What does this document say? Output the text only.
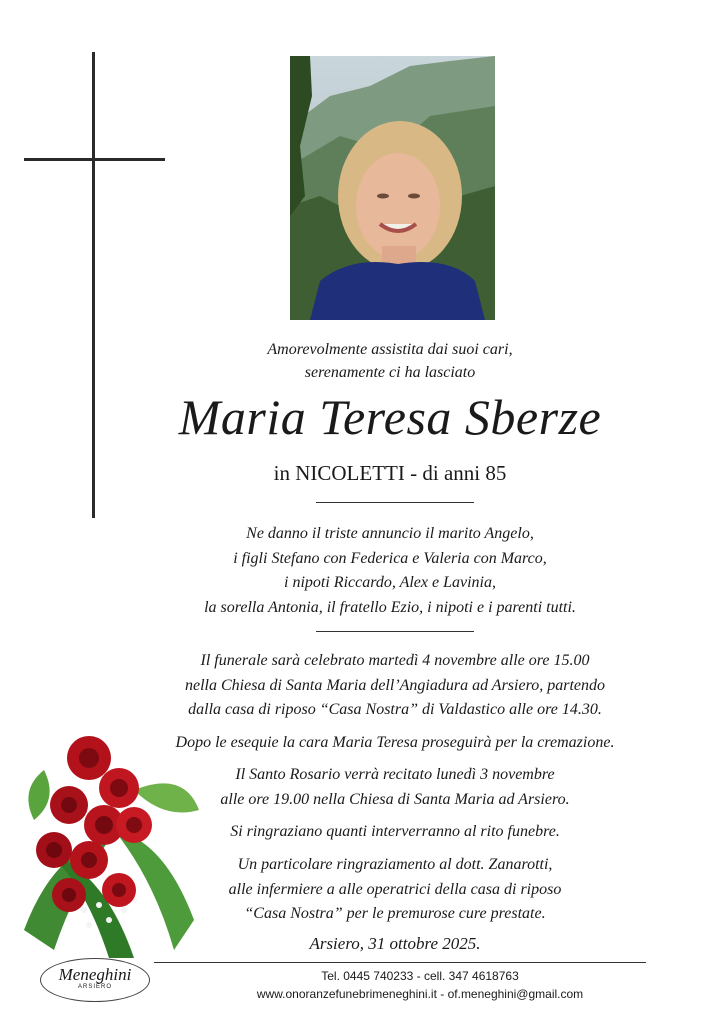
Amorevolmente assistita dai suoi cari,
serenamente ci ha lasciato
Maria Teresa Sberze
in NICOLETTI - di anni 85
Ne danno il triste annuncio il marito Angelo,
i figli Stefano con Federica e Valeria con Marco,
i nipoti Riccardo, Alex e Lavinia,
la sorella Antonia, il fratello Ezio, i nipoti e i parenti tutti.
Il funerale sarà celebrato martedì 4 novembre alle ore 15.00
nella Chiesa di Santa Maria dell’Angiadura ad Arsiero, partendo
dalla casa di riposo “Casa Nostra” di Valdastico alle ore 14.30.
Dopo le esequie la cara Maria Teresa proseguirà per la cremazione.
Il Santo Rosario verrà recitato lunedì 3 novembre
alle ore 19.00 nella Chiesa di Santa Maria ad Arsiero.
Si ringraziano quanti interverranno al rito funebre.
Un particolare ringraziamento al dott. Zanarotti,
alle infermiere a alle operatrici della casa di riposo
“Casa Nostra” per le premurose cure prestate.
Arsiero, 31 ottobre 2025.
Meneghini
ARSIERO
Tel. 0445 740233 - cell. 347 4618763
www.onoranzefunebrimeneghini.it - of.meneghini@gmail.com
